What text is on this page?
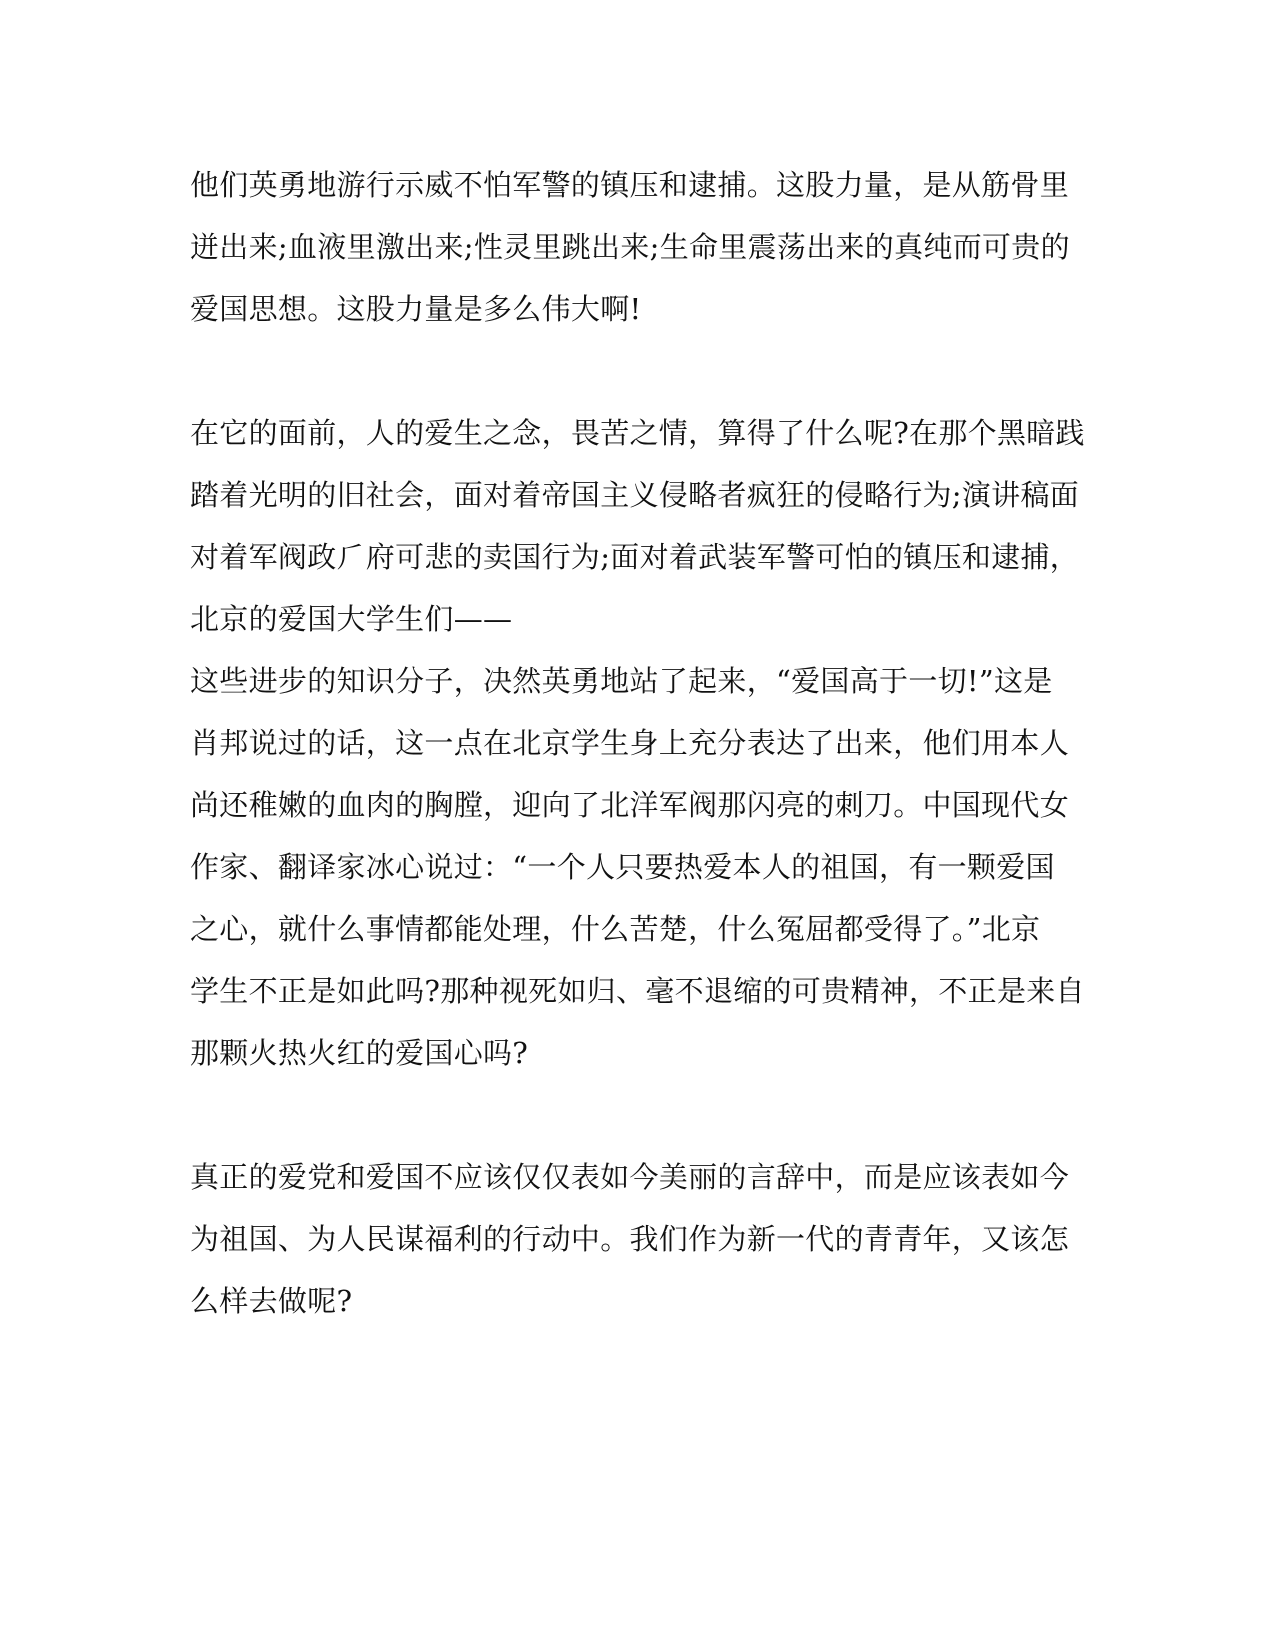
他们英勇地游行示威不怕军警的镇压和逮捕。这股力量，是从筋骨里
迸出来;血液里激出来;性灵里跳出来;生命里震荡出来的真纯而可贵的
爱国思想。这股力量是多么伟大啊!
在它的面前，人的爱生之念，畏苦之情，算得了什么呢?在那个黑暗践
踏着光明的旧社会，面对着帝国主义侵略者疯狂的侵略行为;演讲稿面
对着军阀政⺁府可悲的卖国行为;面对着武装军警可怕的镇压和逮捕，
北京的爱国大学生们——
这些进步的知识分子，决然英勇地站了起来，“爱国高于一切!”这是
肖邦说过的话，这一点在北京学生身上充分表达了出来，他们用本人
尚还稚嫩的血肉的胸膛，迎向了北洋军阀那闪亮的刺刀。中国现代女
作家、翻译家冰心说过：“一个人只要热爱本人的祖国，有一颗爱国
之心，就什么事情都能处理，什么苦楚，什么冤屈都受得了。”北京
学生不正是如此吗?那种视死如归、毫不退缩的可贵精神，不正是来自
那颗火热火红的爱国心吗?
真正的爱党和爱国不应该仅仅表如今美丽的言辞中，而是应该表如今
为祖国、为人民谋福利的行动中。我们作为新一代的青青年，又该怎
么样去做呢?
